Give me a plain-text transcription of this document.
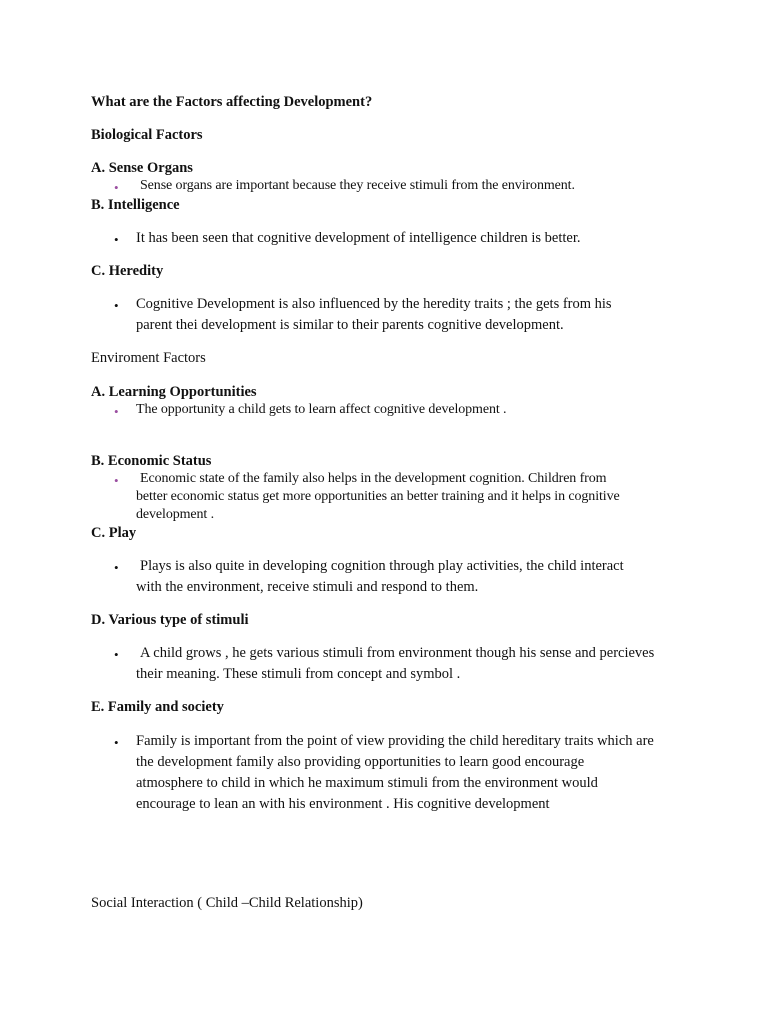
What are the Factors affecting Development?
Biological Factors
A. Sense Organs
• Sense organs are important because they receive stimuli from the environment.
B. Intelligence
• It has been seen that cognitive development of intelligence children is better.
C. Heredity
• Cognitive Development is also influenced by the heredity traits ; the gets from his
parent thei development is similar to their parents cognitive development.
Enviroment Factors
A. Learning Opportunities
• The opportunity a child gets to learn affect cognitive development .
B. Economic Status
• Economic state of the family also helps in the development cognition. Children from
better economic status get more opportunities an better training and it helps in cognitive
development .
C. Play
• Plays is also quite in developing cognition through play activities, the child interact
with the environment, receive stimuli and respond to them.
D. Various type of stimuli
• A child grows , he gets various stimuli from environment though his sense and percieves
their meaning. These stimuli from concept and symbol .
E. Family and society
• Family is important from the point of view providing the child hereditary traits which are
the development family also providing opportunities to learn good encourage
atmosphere to child in which he maximum stimuli from the environment would
encourage to lean an with his environment . His cognitive development
Social Interaction ( Child –Child Relationship)
